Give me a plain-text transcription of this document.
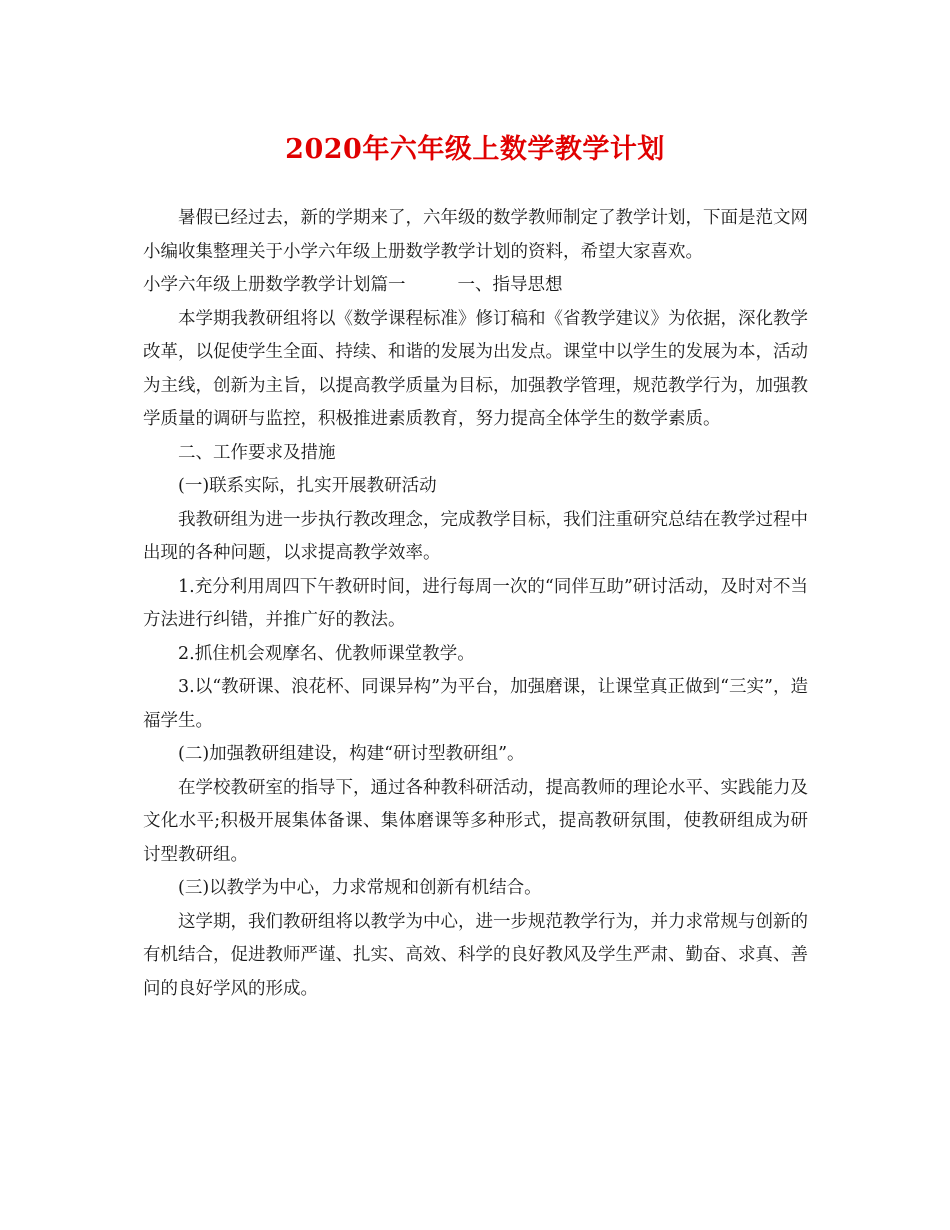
2020年六年级上数学教学计划

暑假已经过去，新的学期来了，六年级的数学教师制定了教学计划，下面是范文网小编收集整理关于小学六年级上册数学教学计划的资料，希望大家喜欢。

小学六年级上册数学教学计划篇一	一、指导思想

本学期我教研组将以《数学课程标准》修订稿和《省教学建议》为依据，深化教学改革，以促使学生全面、持续、和谐的发展为出发点。课堂中以学生的发展为本，活动为主线，创新为主旨，以提高教学质量为目标，加强教学管理，规范教学行为，加强教学质量的调研与监控，积极推进素质教育，努力提高全体学生的数学素质。

二、工作要求及措施

(一)联系实际，扎实开展教研活动

我教研组为进一步执行教改理念，完成教学目标，我们注重研究总结在教学过程中出现的各种问题，以求提高教学效率。

1.充分利用周四下午教研时间，进行每周一次的“同伴互助”研讨活动，及时对不当方法进行纠错，并推广好的教法。

2.抓住机会观摩名、优教师课堂教学。

3.以“教研课、浪花杯、同课异构”为平台，加强磨课，让课堂真正做到“三实”，造福学生。

(二)加强教研组建设，构建“研讨型教研组”。

在学校教研室的指导下，通过各种教科研活动，提高教师的理论水平、实践能力及文化水平;积极开展集体备课、集体磨课等多种形式，提高教研氛围，使教研组成为研讨型教研组。

(三)以教学为中心，力求常规和创新有机结合。

这学期，我们教研组将以教学为中心，进一步规范教学行为，并力求常规与创新的有机结合，促进教师严谨、扎实、高效、科学的良好教风及学生严肃、勤奋、求真、善问的良好学风的形成。
